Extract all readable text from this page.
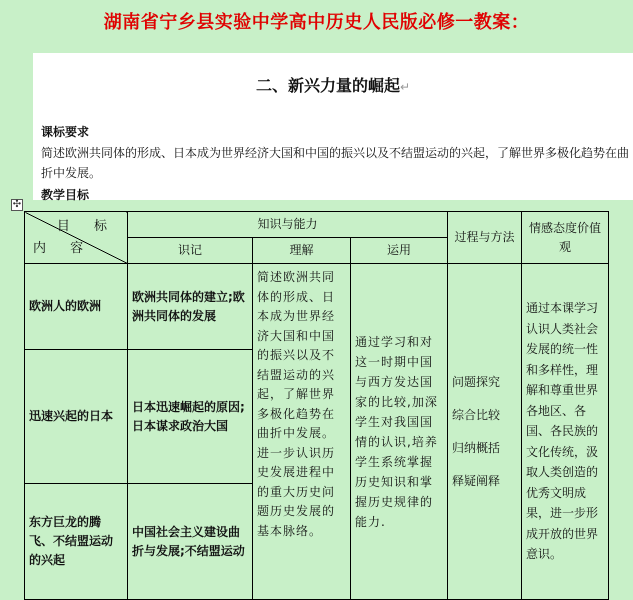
湖南省宁乡县实验中学高中历史人民版必修一教案：
二、新兴力量的崛起↵
课标要求
简述欧洲共同体的形成、日本成为世界经济大国和中国的振兴以及不结盟运动的兴起，了解世界多极化趋势在曲折中发展。
教学目标
✣
目 标
内 容	知识与能力			过程与方法	情感态度价值观
	识记	理解	运用		
欧洲人的欧洲	欧洲共同体的建立;欧洲共同体的发展	简述欧洲共同体的形成、日本成为世界经济大国和中国的振兴以及不结盟运动的兴起，了解世界多极化趋势在曲折中发展。进一步认识历史发展进程中的重大历史问题历史发展的基本脉络。	通过学习和对这一时期中国与西方发达国家的比较,加深学生对我国国情的认识,培养学生系统掌握历史知识和掌握历史规律的能力.	问题探究
综合比较
归纳概括
释疑阐释	通过本课学习认识人类社会发展的统一性和多样性，理解和尊重世界各地区、各国、各民族的文化传统，汲取人类创造的优秀文明成果，进一步形成开放的世界意识。
迅速兴起的日本	日本迅速崛起的原因;日本谋求政治大国				
东方巨龙的腾飞、不结盟运动的兴起	中国社会主义建设曲折与发展;不结盟运动				
